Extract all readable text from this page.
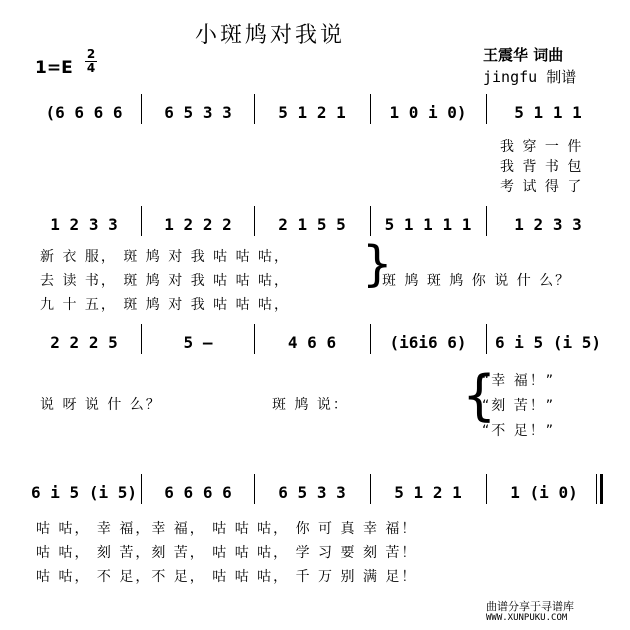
小斑鸠对我说
王震华 词曲
jingfu 制谱
1=E
2
4
(6 6 6 6	6 5 3 3	5 1 2 1	1 0 i 0)	5 1 1 1
我 穿 一 件
我 背 书 包
考 试 得 了
1 2 3 3	1 2 2 2	2 1 5 5	5 1 1 1 1	1 2 3 3
新 衣 服， 斑 鸠 对 我 咕 咕 咕，
去 读 书， 斑 鸠 对 我 咕 咕 咕，
九 十 五， 斑 鸠 对 我 咕 咕 咕，
}
斑 鸠 斑 鸠 你 说 什 么？
2 2 2 5	5 –	4 6 6	(i6i6 6)	6 i 5 (i 5)
说 呀 说 什 么？	斑 鸠 说： {
“幸 福！”
“刻 苦！”
“不 足！”
6 i 5 (i 5)	6 6 6 6	6 5 3 3	5 1 2 1	1 (i 0)
咕 咕， 幸 福，幸 福， 咕 咕 咕， 你 可 真 幸 福！
咕 咕， 刻 苦，刻 苦， 咕 咕 咕， 学 习 要 刻 苦！
咕 咕， 不 足，不 足， 咕 咕 咕， 千 万 别 满 足！
曲谱分享于寻谱库
WWW.XUNPUKU.COM
